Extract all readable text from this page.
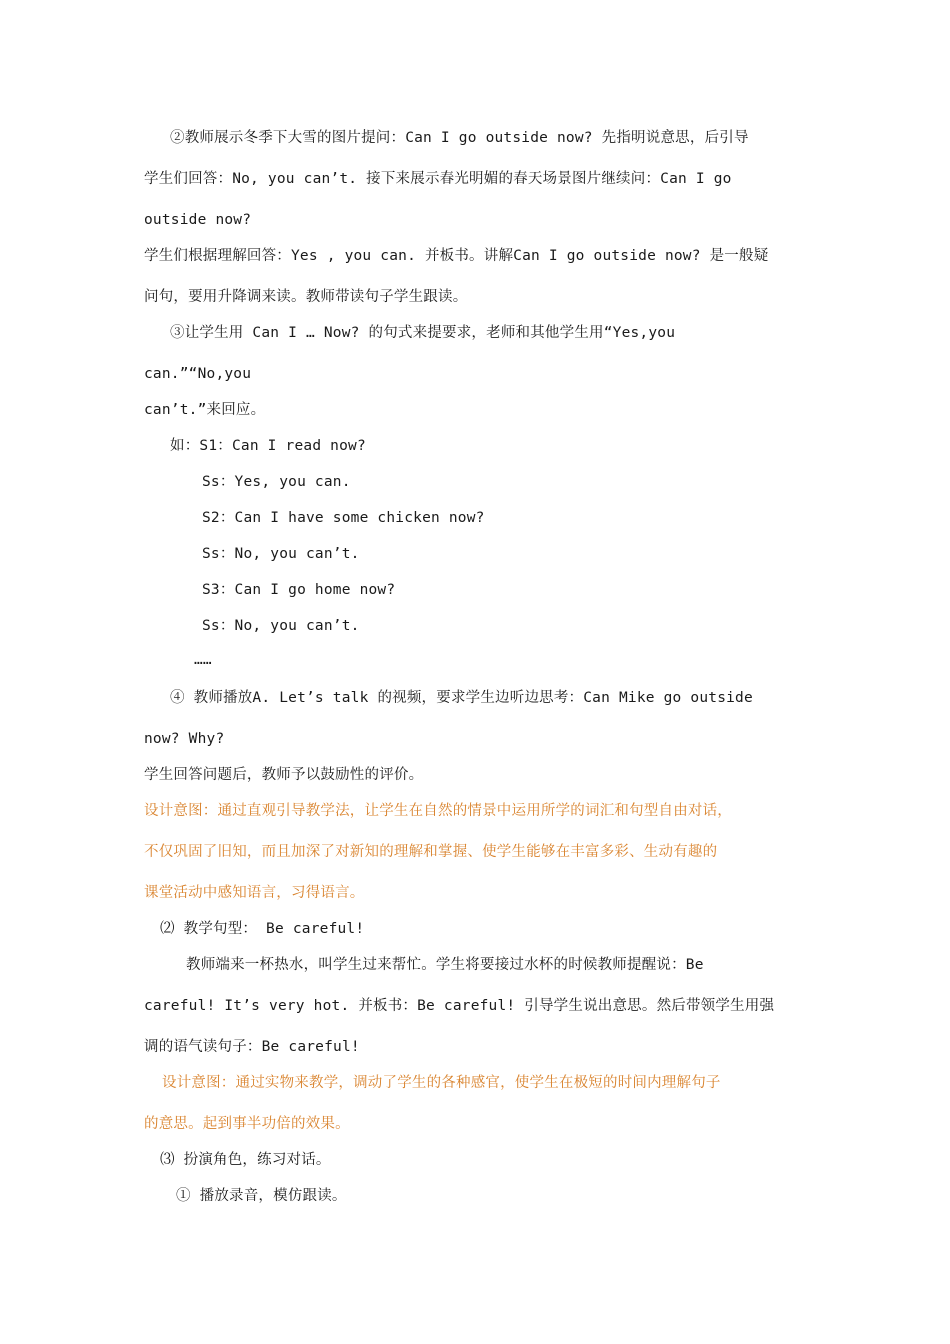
②教师展示冬季下大雪的图片提问：Can I go outside now? 先指明说意思，后引导
学生们回答：No, you can’t. 接下来展示春光明媚的春天场景图片继续问：Can I go
outside now?
学生们根据理解回答：Yes , you can. 并板书。讲解Can I go outside now? 是一般疑
问句，要用升降调来读。教师带读句子学生跟读。
③让学生用 Can I … Now? 的句式来提要求，老师和其他学生用“Yes,you
can.”“No,you
can’t.”来回应。
如：S1：Can I read now?
Ss：Yes, you can.
S2：Can I have some chicken now?
Ss：No, you can’t.
S3：Can I go home now?
Ss：No, you can’t.
……
④ 教师播放A. Let’s talk 的视频，要求学生边听边思考：Can Mike go outside
now? Why?
学生回答问题后，教师予以鼓励性的评价。
设计意图：通过直观引导教学法，让学生在自然的情景中运用所学的词汇和句型自由对话，
不仅巩固了旧知，而且加深了对新知的理解和掌握、使学生能够在丰富多彩、生动有趣的
课堂活动中感知语言，习得语言。
⑵ 教学句型： Be careful!
教师端来一杯热水，叫学生过来帮忙。学生将要接过水杯的时候教师提醒说：Be
careful! It’s very hot. 并板书：Be careful! 引导学生说出意思。然后带领学生用强
调的语气读句子：Be careful!
设计意图：通过实物来教学，调动了学生的各种感官，使学生在极短的时间内理解句子
的意思。起到事半功倍的效果。
⑶ 扮演角色，练习对话。
① 播放录音，模仿跟读。
